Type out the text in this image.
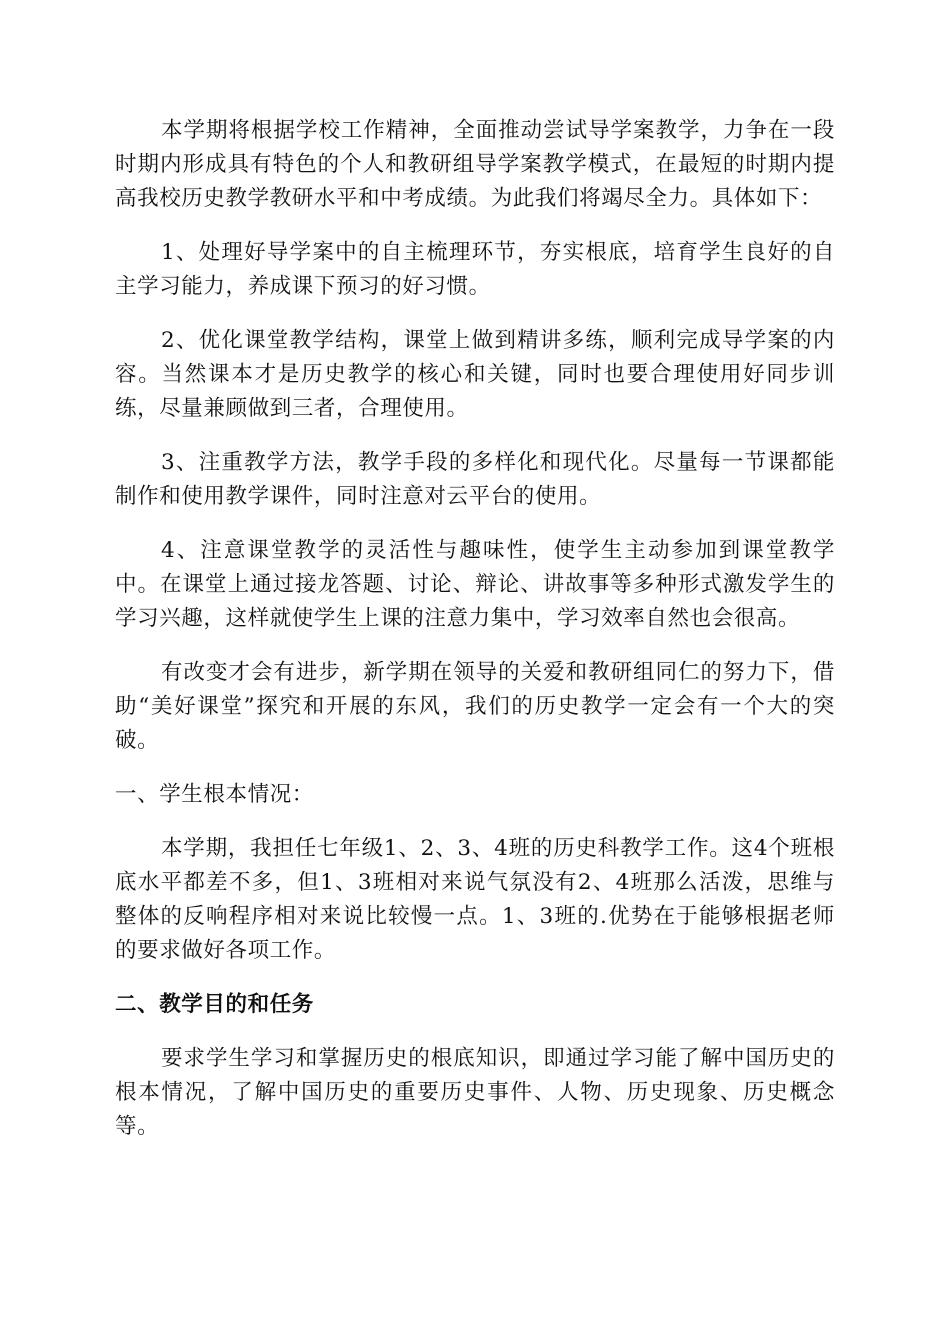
本学期将根据学校工作精神，全面推动尝试导学案教学，力争在一段时期内形成具有特色的个人和教研组导学案教学模式，在最短的时期内提高我校历史教学教研水平和中考成绩。为此我们将竭尽全力。具体如下：

1、处理好导学案中的自主梳理环节，夯实根底，培育学生良好的自主学习能力，养成课下预习的好习惯。

2、优化课堂教学结构，课堂上做到精讲多练，顺利完成导学案的内容。当然课本才是历史教学的核心和关键，同时也要合理使用好同步训练，尽量兼顾做到三者，合理使用。

3、注重教学方法，教学手段的多样化和现代化。尽量每一节课都能制作和使用教学课件，同时注意对云平台的使用。

4、注意课堂教学的灵活性与趣味性，使学生主动参加到课堂教学中。在课堂上通过接龙答题、讨论、辩论、讲故事等多种形式激发学生的学习兴趣，这样就使学生上课的注意力集中，学习效率自然也会很高。

有改变才会有进步，新学期在领导的关爱和教研组同仁的努力下，借助“美好课堂”探究和开展的东风，我们的历史教学一定会有一个大的突破。

一、学生根本情况：

本学期，我担任七年级1、2、3、4班的历史科教学工作。这4个班根底水平都差不多，但1、3班相对来说气氛没有2、4班那么活泼，思维与整体的反响程序相对来说比较慢一点。1、3班的.优势在于能够根据老师的要求做好各项工作。

二、教学目的和任务

要求学生学习和掌握历史的根底知识，即通过学习能了解中国历史的根本情况，了解中国历史的重要历史事件、人物、历史现象、历史概念等。
